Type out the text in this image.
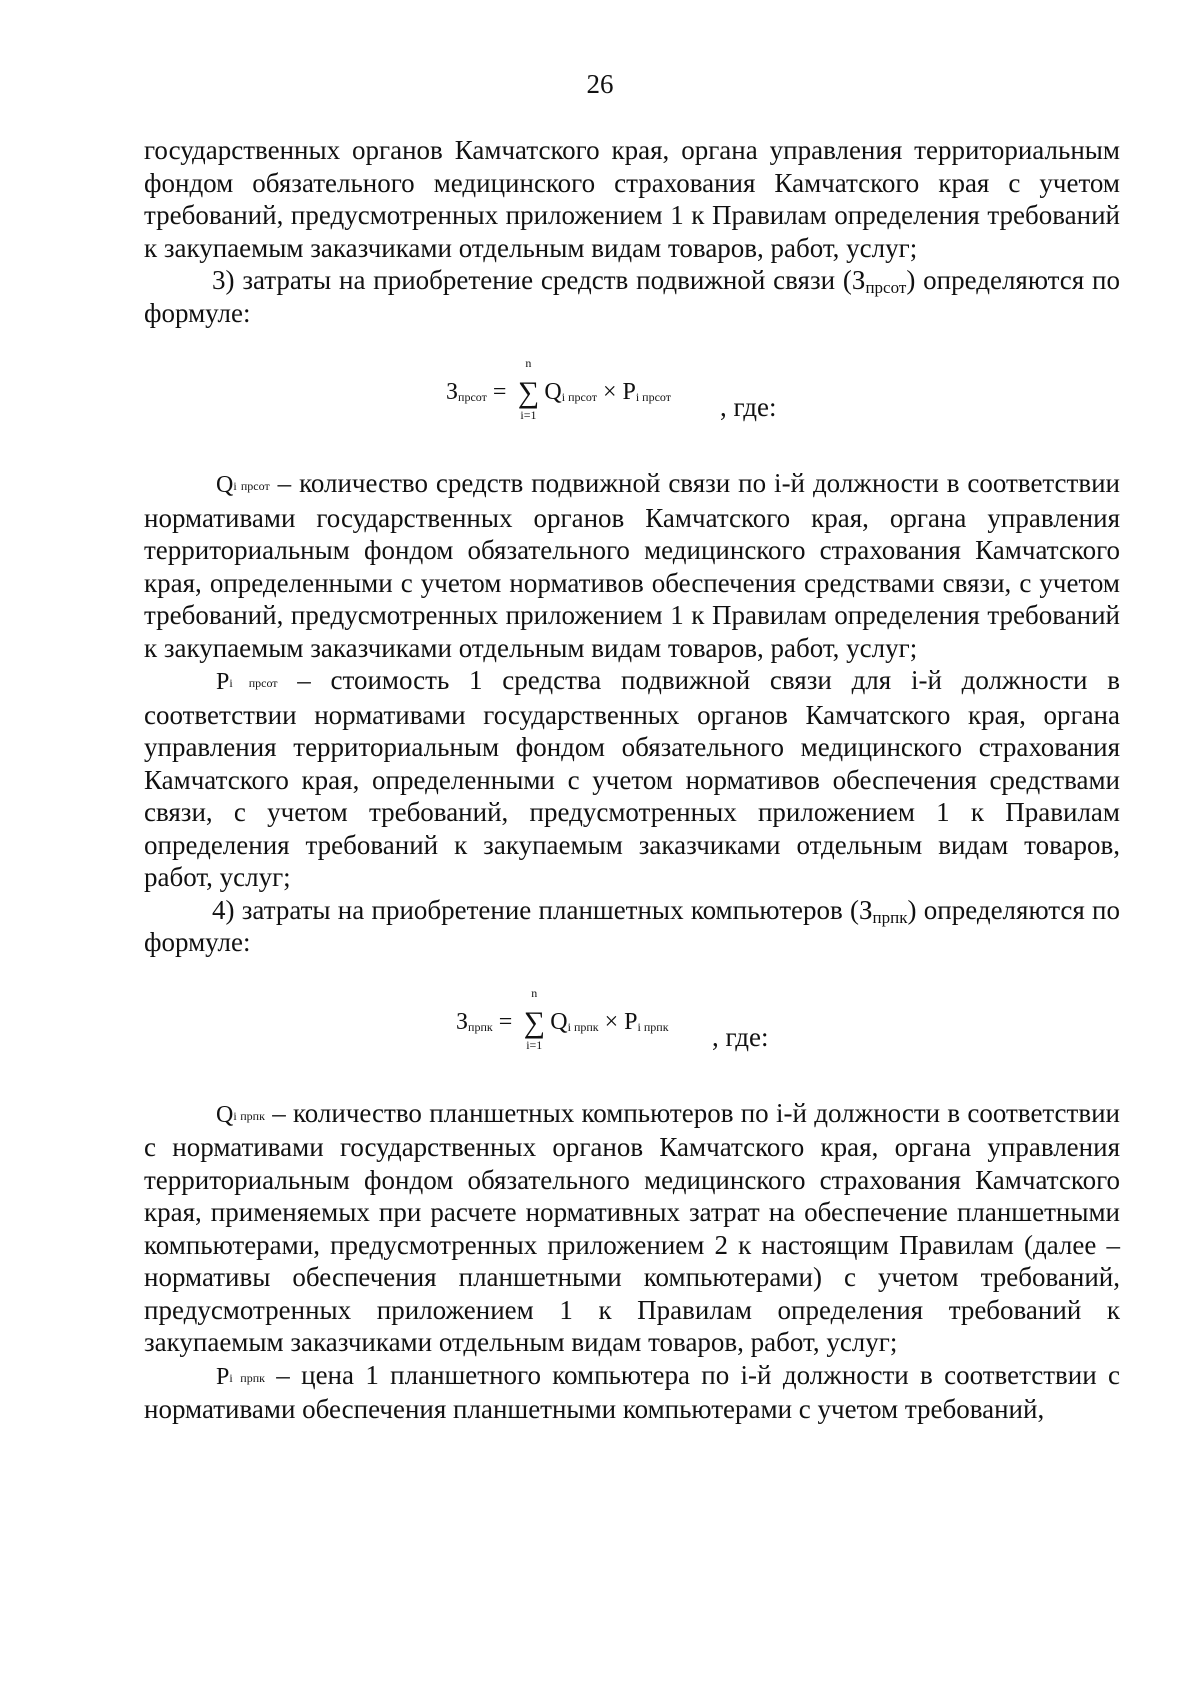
26

государственных органов Камчатского края, органа управления территориальным фондом обязательного медицинского страхования Камчатского края с учетом требований, предусмотренных приложением 1 к Правилам определения требований к закупаемым заказчиками отдельным видам товаров, работ, услуг;

3) затраты на приобретение средств подвижной связи $(З_{прсот})$ определяются по формуле:

$З_{прсот}$ =
n
∑
i=1
$Q_{i прсот} \times P_{i прсот}$ , где:

$Q_{i прсот}$ – количество средств подвижной связи по i-й должности в соответствии нормативами государственных органов Камчатского края, органа управления территориальным фондом обязательного медицинского страхования Камчатского края, определенными с учетом нормативов обеспечения средствами связи, с учетом требований, предусмотренных приложением 1 к Правилам определения требований к закупаемым заказчиками отдельным видам товаров, работ, услуг;

$P_{i прсот}$ – стоимость 1 средства подвижной связи для i-й должности в соответствии нормативами государственных органов Камчатского края, органа управления территориальным фондом обязательного медицинского страхования Камчатского края, определенными с учетом нормативов обеспечения средствами связи, с учетом требований, предусмотренных приложением 1 к Правилам определения требований к закупаемым заказчиками отдельным видам товаров, работ, услуг;

4) затраты на приобретение планшетных компьютеров $(З_{прпк})$ определяются по формуле:

$З_{прпк}$ =
n
∑
i=1
$Q_{i прпк} \times P_{i прпк}$ , где:

$Q_{i прпк}$ – количество планшетных компьютеров по i-й должности в соответствии с нормативами государственных органов Камчатского края, органа управления территориальным фондом обязательного медицинского страхования Камчатского края, применяемых при расчете нормативных затрат на обеспечение планшетными компьютерами, предусмотренных приложением 2 к настоящим Правилам (далее – нормативы обеспечения планшетными компьютерами) с учетом требований, предусмотренных приложением 1 к Правилам определения требований к закупаемым заказчиками отдельным видам товаров, работ, услуг;

$P_{i прпк}$ – цена 1 планшетного компьютера по i-й должности в соответствии с нормативами обеспечения планшетными компьютерами с учетом требований,
